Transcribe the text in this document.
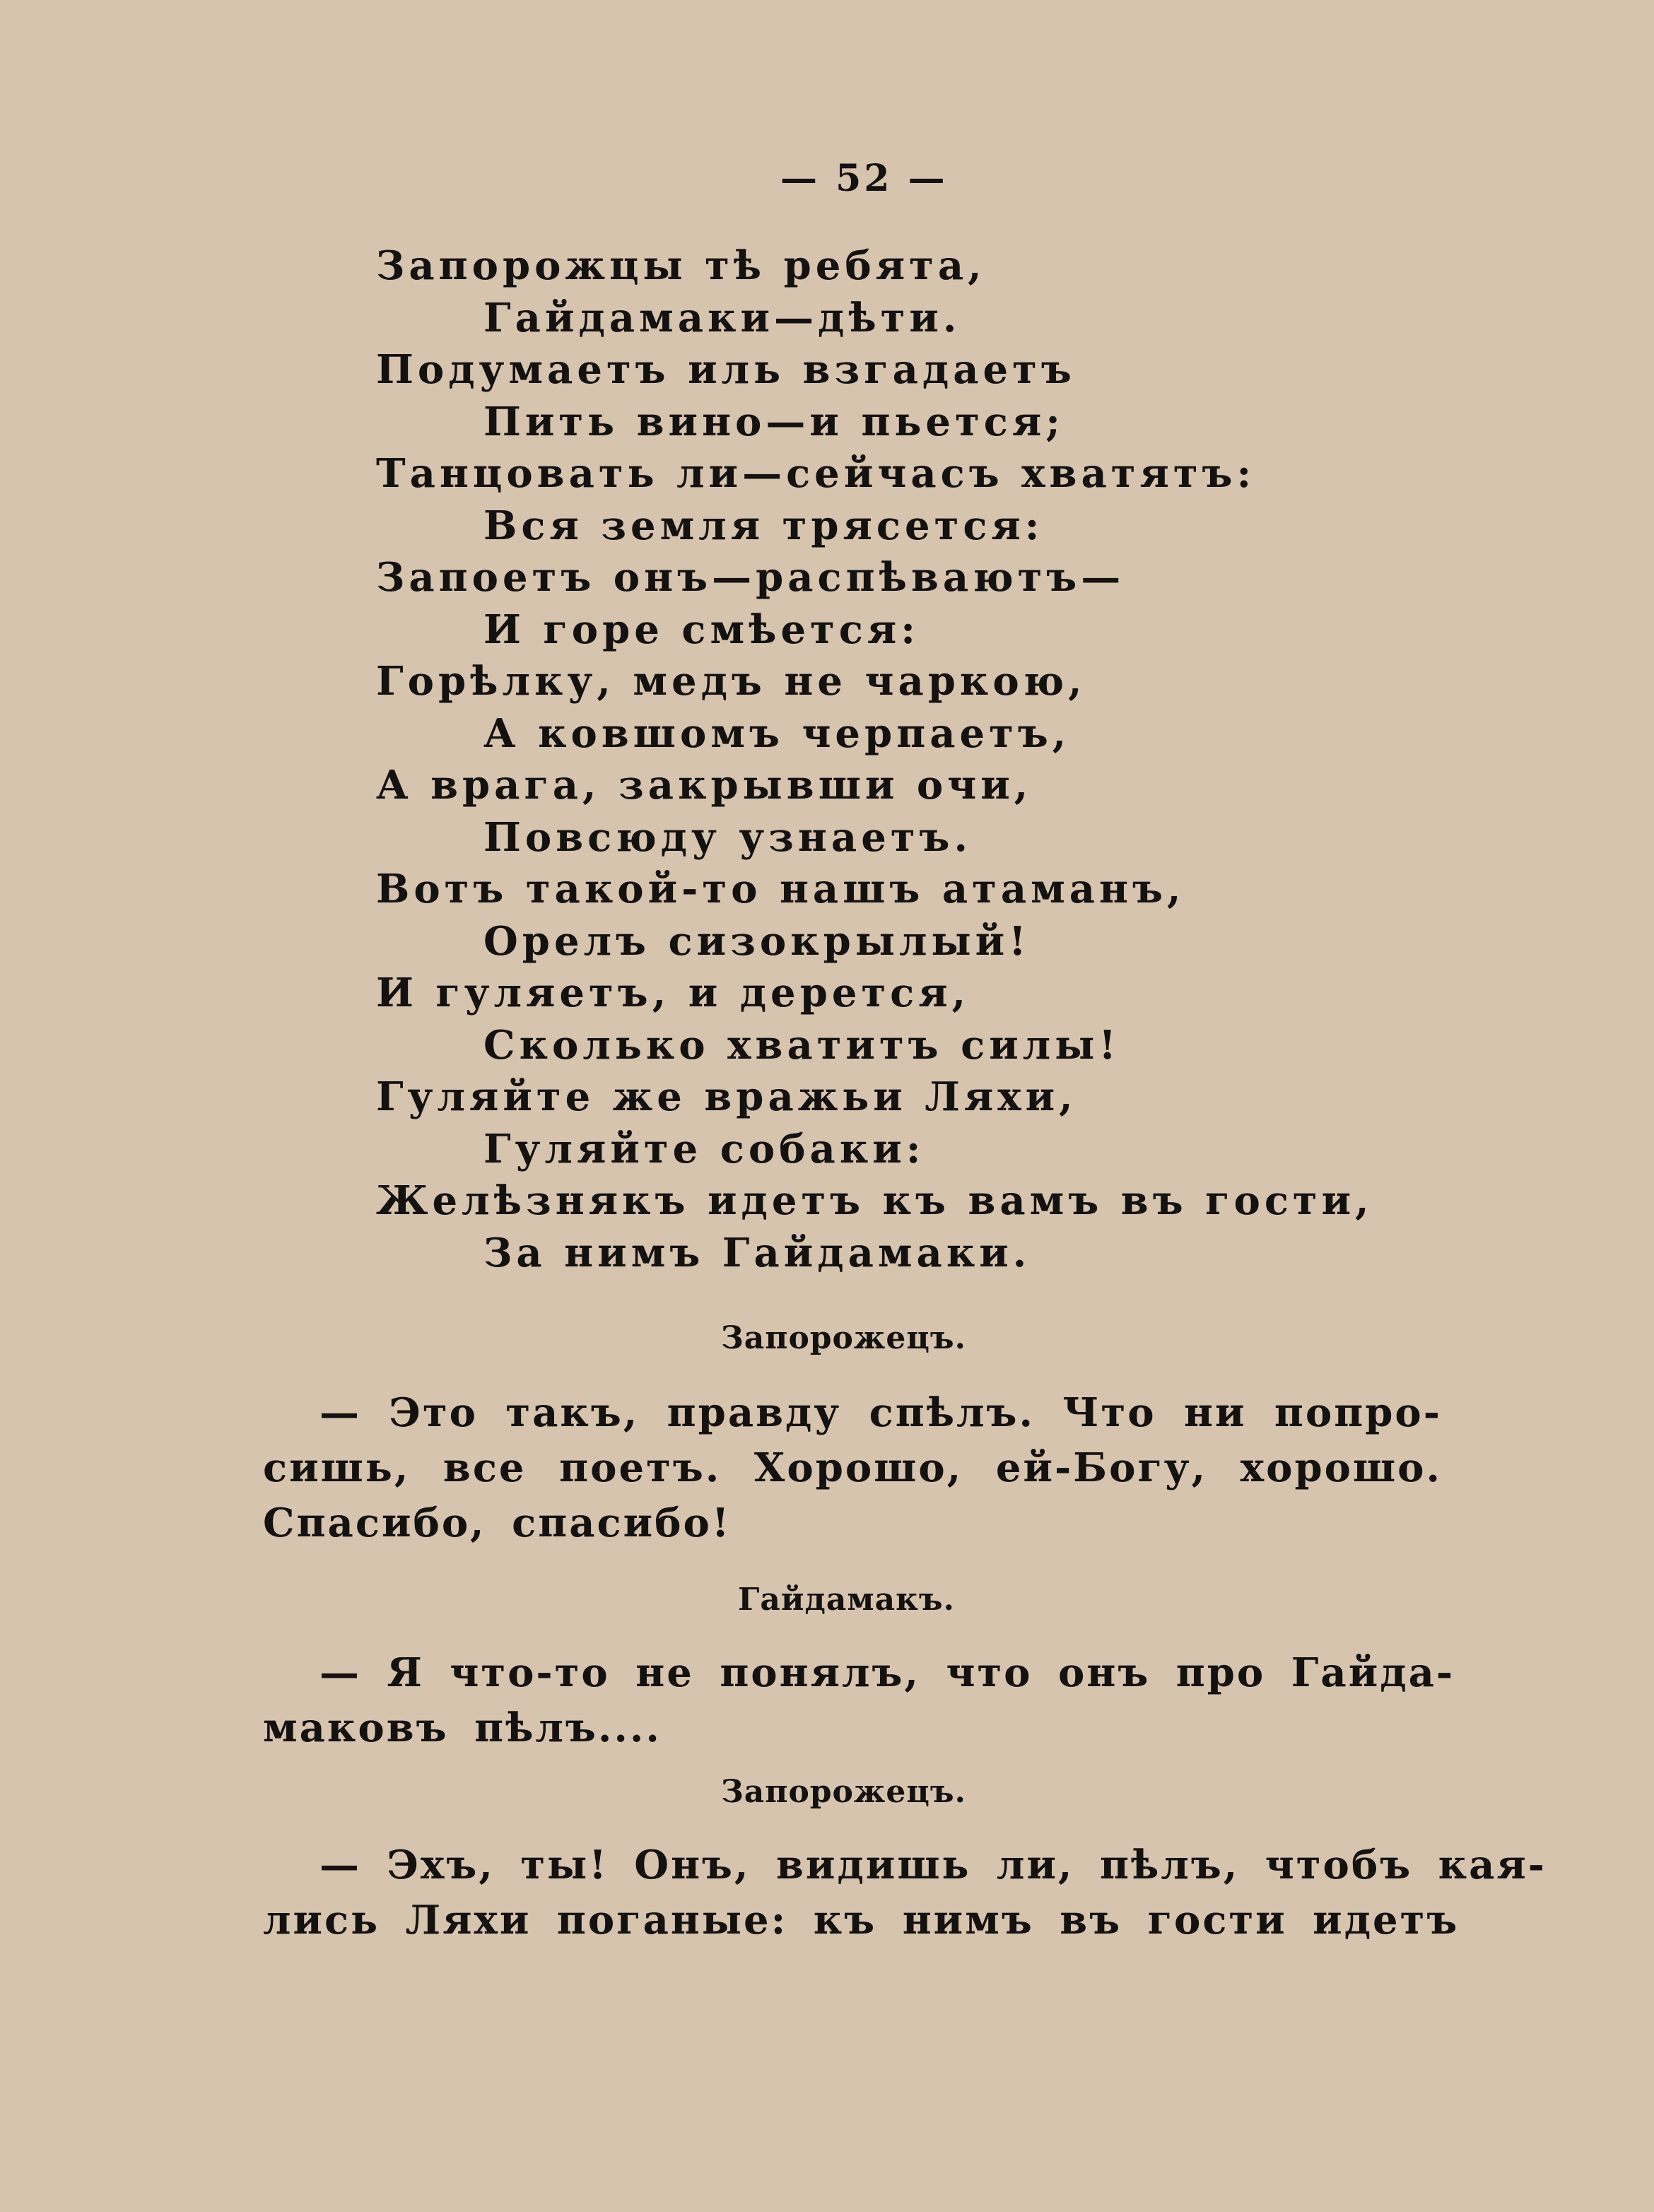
— 52 —
Запорожцы тѣ ребята,
Гайдамаки—дѣти.
Подумаетъ иль взгадаетъ
Пить вино—и пьется;
Танцовать ли—сейчасъ хватятъ:
Вся земля трясется:
Запоетъ онъ—распѣваютъ—
И горе смѣется:
Горѣлку, медъ не чаркою,
А ковшомъ черпаетъ,
А врага, закрывши очи,
Повсюду узнаетъ.
Вотъ такой-то нашъ атаманъ,
Орелъ сизокрылый!
И гуляетъ, и дерется,
Сколько хватитъ силы!
Гуляйте же вражьи Ляхи,
Гуляйте собаки:
Желѣзнякъ идетъ къ вамъ въ гости,
За нимъ Гайдамаки.
Запорожецъ.
— Это такъ, правду спѣлъ. Что ни попро-
сишь, все поетъ. Хорошо, ей-Богу, хорошо.
Спасибо, спасибо!
Гайдамакъ.
— Я что-то не понялъ, что онъ про Гайда-
маковъ пѣлъ....
Запорожецъ.
— Эхъ, ты! Онъ, видишь ли, пѣлъ, чтобъ кая-
лись Ляхи поганые: къ нимъ въ гости идетъ
